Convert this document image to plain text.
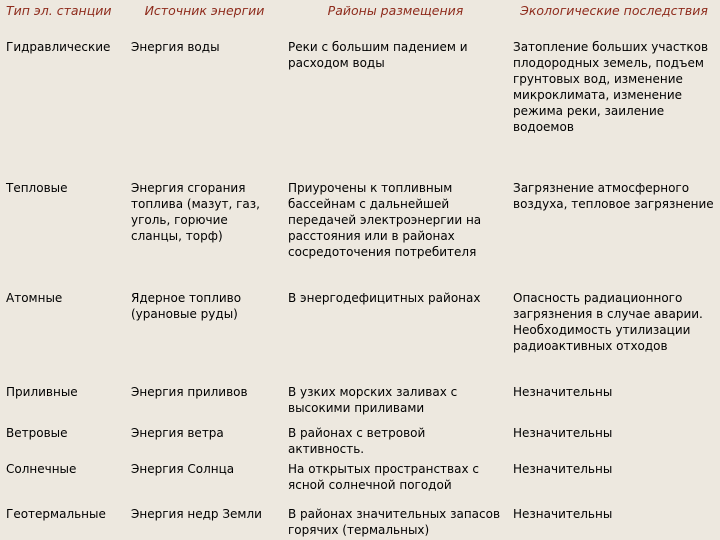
Тип эл. станции	Источник энергии	Районы размещения	Экологические последствия
Гидравлические	Энергия воды	Реки с большим падением и расходом воды	Затопление больших участков плодородных земель, подъем грунтовых вод, изменение микроклимата, изменение режима реки, заиление водоемов
Тепловые	Энергия сгорания топлива (мазут, газ, уголь, горючие сланцы, торф)	Приурочены к топливным бассейнам с дальнейшей передачей электроэнергии на расстояния или в районах сосредоточения потребителя	Загрязнение атмосферного воздуха, тепловое загрязнение
Атомные	Ядерное топливо (урановые руды)	В энергодефицитных районах	Опасность радиационного загрязнения в случае аварии. Необходимость утилизации радиоактивных отходов
Приливные	Энергия приливов	В узких морских заливах с высокими приливами	Незначительны
Ветровые	Энергия ветра	В районах с ветровой активность.	Незначительны
Солнечные	Энергия Солнца	На открытых пространствах с ясной солнечной погодой	Незначительны
Геотермальные	Энергия недр Земли	В районах значительных запасов горячих (термальных)	Незначительны
